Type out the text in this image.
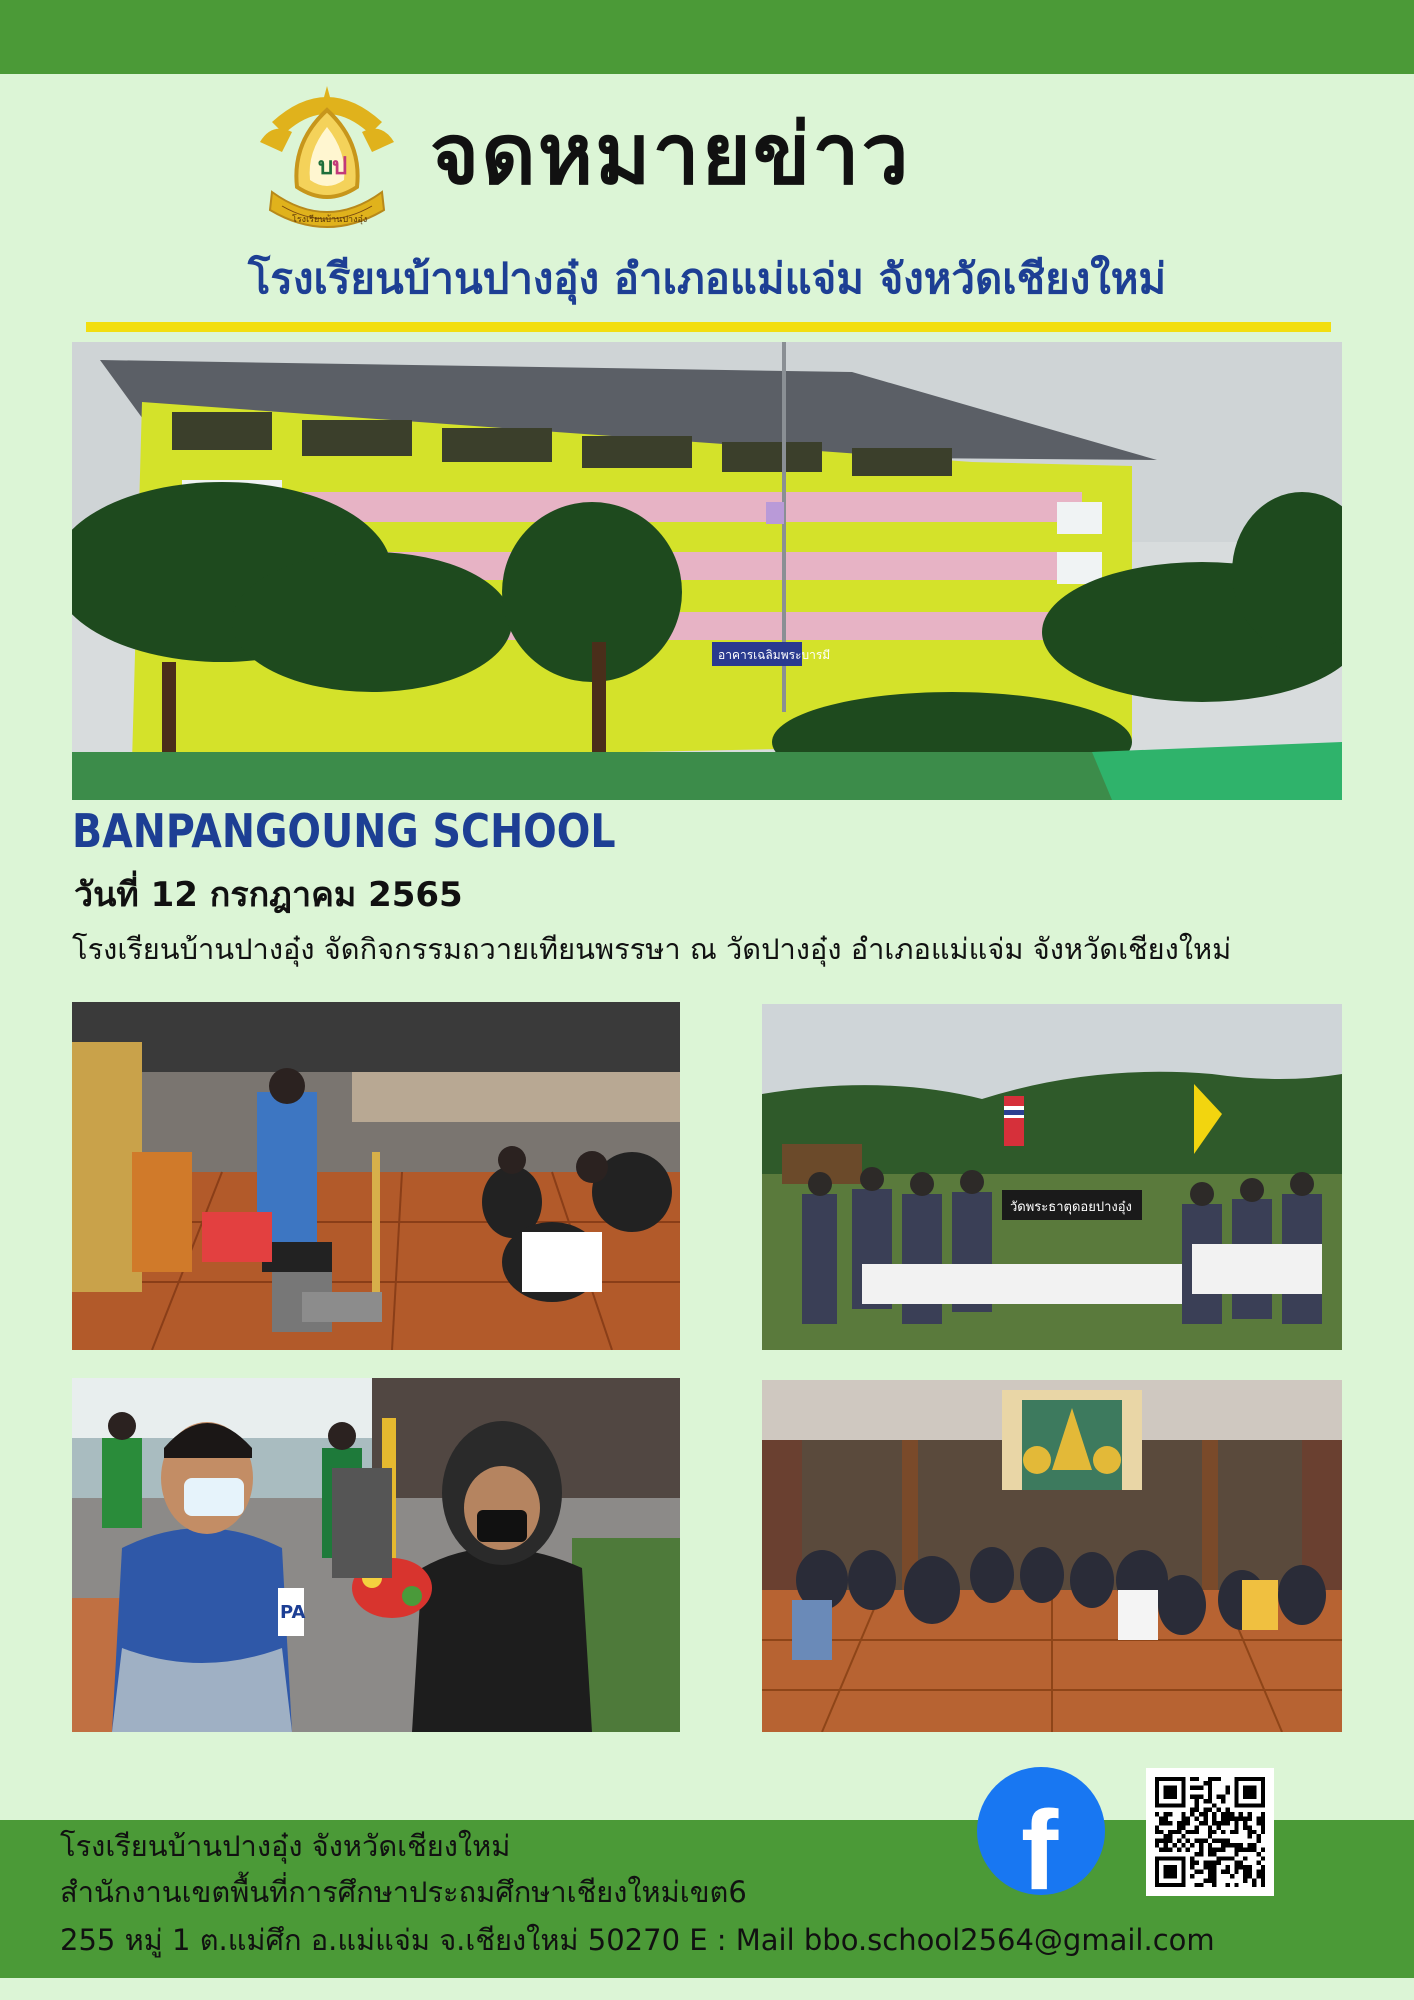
บ
ป
โรงเรียนบ้านปางอุ๋ง
จดหมายข่าว
โรงเรียนบ้านปางอุ๋ง อำเภอแม่แจ่ม จังหวัดเชียงใหม่
อาคารเฉลิมพระบารมี
BANPANGOUNG SCHOOL
วันที่ 12 กรกฎาคม 2565
โรงเรียนบ้านปางอุ๋ง จัดกิจกรรมถวายเทียนพรรษา ณ วัดปางอุ๋ง อำเภอแม่แจ่ม จังหวัดเชียงใหม่
วัดพระธาตุดอยปางอุ๋ง
PA
โรงเรียนบ้านปางอุ๋ง จังหวัดเชียงใหม่
สำนักงานเขตพื้นที่การศึกษาประถมศึกษาเชียงใหม่เขต6
255 หมู่ 1 ต.แม่ศึก อ.แม่แจ่ม จ.เชียงใหม่ 50270 E : Mail bbo.school2564@gmail.com
f
